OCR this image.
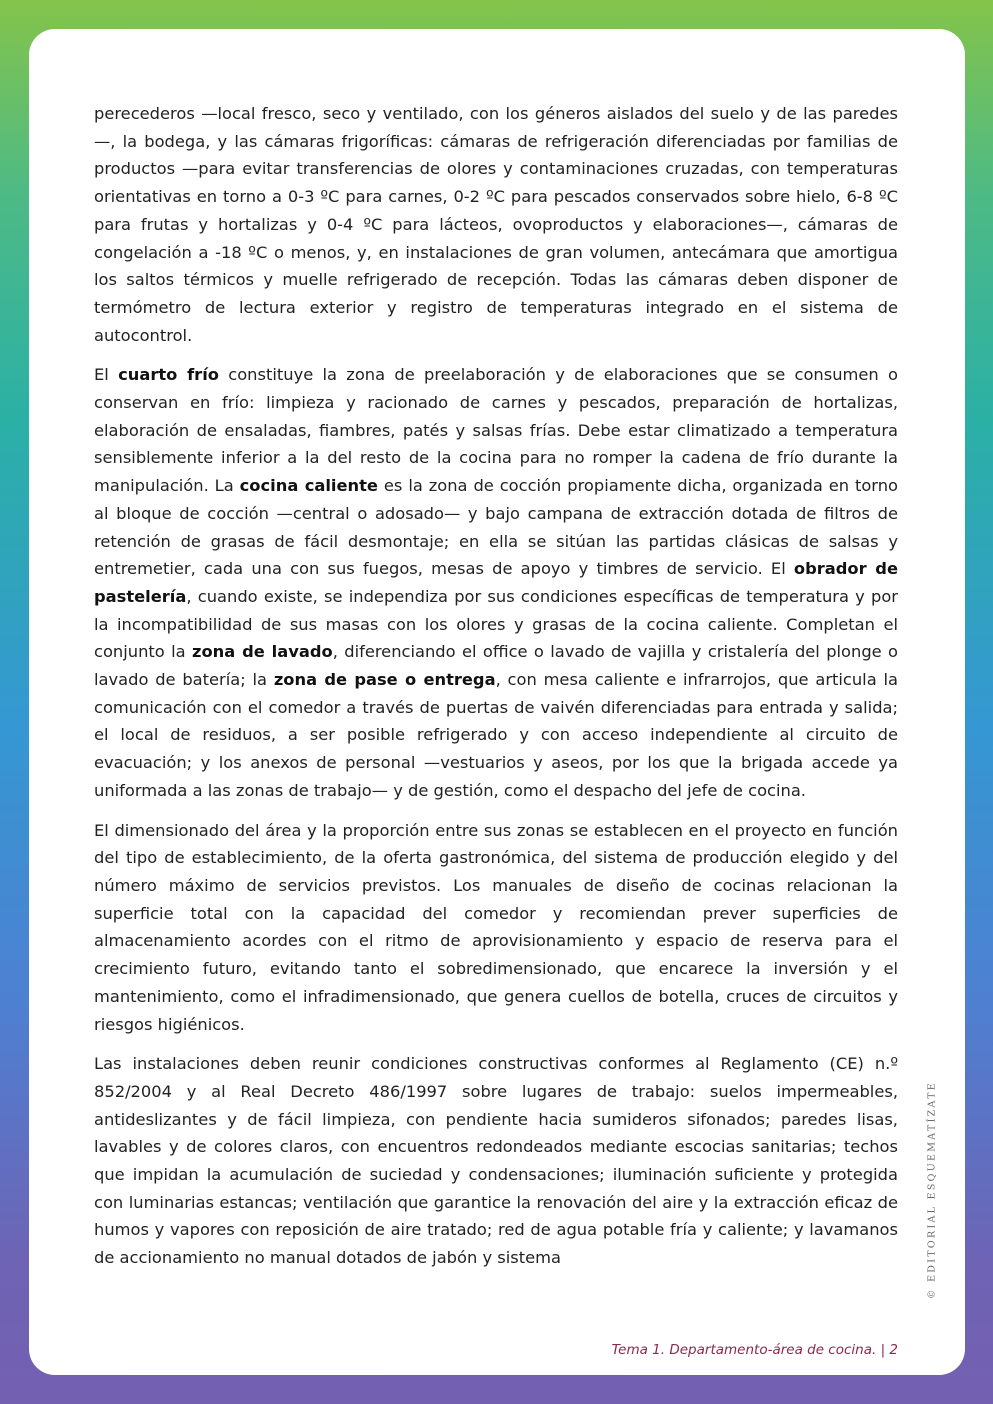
perecederos —local fresco, seco y ventilado, con los géneros aislados del suelo y de las paredes—, la bodega, y las cámaras frigoríficas: cámaras de refrigeración diferenciadas por familias de productos —para evitar transferencias de olores y contaminaciones cruzadas, con temperaturas orientativas en torno a 0-3 ºC para carnes, 0-2 ºC para pescados conservados sobre hielo, 6-8 ºC para frutas y hortalizas y 0-4 ºC para lácteos, ovoproductos y elaboraciones—, cámaras de congelación a -18 ºC o menos, y, en instalaciones de gran volumen, antecámara que amortigua los saltos térmicos y muelle refrigerado de recepción. Todas las cámaras deben disponer de termómetro de lectura exterior y registro de temperaturas integrado en el sistema de autocontrol.

El cuarto frío constituye la zona de preelaboración y de elaboraciones que se consumen o conservan en frío: limpieza y racionado de carnes y pescados, preparación de hortalizas, elaboración de ensaladas, fiambres, patés y salsas frías. Debe estar climatizado a temperatura sensiblemente inferior a la del resto de la cocina para no romper la cadena de frío durante la manipulación. La cocina caliente es la zona de cocción propiamente dicha, organizada en torno al bloque de cocción —central o adosado— y bajo campana de extracción dotada de filtros de retención de grasas de fácil desmontaje; en ella se sitúan las partidas clásicas de salsas y entremetier, cada una con sus fuegos, mesas de apoyo y timbres de servicio. El obrador de pastelería, cuando existe, se independiza por sus condiciones específicas de temperatura y por la incompatibilidad de sus masas con los olores y grasas de la cocina caliente. Completan el conjunto la zona de lavado, diferenciando el office o lavado de vajilla y cristalería del plonge o lavado de batería; la zona de pase o entrega, con mesa caliente e infrarrojos, que articula la comunicación con el comedor a través de puertas de vaivén diferenciadas para entrada y salida; el local de residuos, a ser posible refrigerado y con acceso independiente al circuito de evacuación; y los anexos de personal —vestuarios y aseos, por los que la brigada accede ya uniformada a las zonas de trabajo— y de gestión, como el despacho del jefe de cocina.

El dimensionado del área y la proporción entre sus zonas se establecen en el proyecto en función del tipo de establecimiento, de la oferta gastronómica, del sistema de producción elegido y del número máximo de servicios previstos. Los manuales de diseño de cocinas relacionan la superficie total con la capacidad del comedor y recomiendan prever superficies de almacenamiento acordes con el ritmo de aprovisionamiento y espacio de reserva para el crecimiento futuro, evitando tanto el sobredimensionado, que encarece la inversión y el mantenimiento, como el infradimensionado, que genera cuellos de botella, cruces de circuitos y riesgos higiénicos.

Las instalaciones deben reunir condiciones constructivas conformes al Reglamento (CE) n.º 852/2004 y al Real Decreto 486/1997 sobre lugares de trabajo: suelos impermeables, antideslizantes y de fácil limpieza, con pendiente hacia sumideros sifonados; paredes lisas, lavables y de colores claros, con encuentros redondeados mediante escocias sanitarias; techos que impidan la acumulación de suciedad y condensaciones; iluminación suficiente y protegida con luminarias estancas; ventilación que garantice la renovación del aire y la extracción eficaz de humos y vapores con reposición de aire tratado; red de agua potable fría y caliente; y lavamanos de accionamiento no manual dotados de jabón y sistema

Tema 1. Departamento-área de cocina. | 2
© EDITORIAL ESQUEMATÍZATE
